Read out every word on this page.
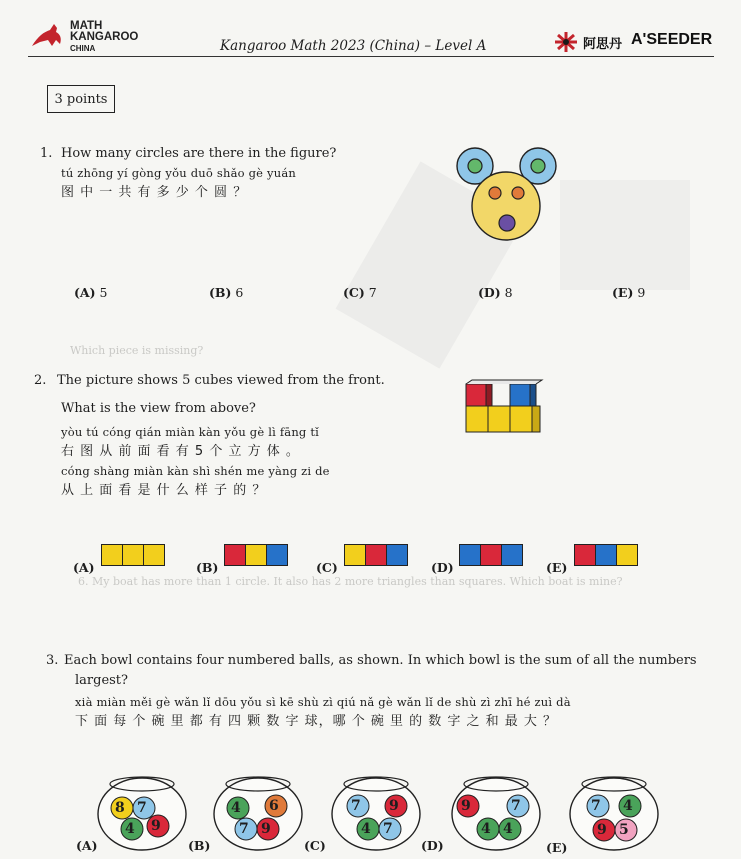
MATH
KANGAROO
CHINA	Kangaroo Math 2023 (China) – Level A	阿思丹 A'SEEDER
Which piece is missing?
6. My boat has more than 1 circle. It also has 2 more triangles than squares. Which boat is mine?
3 points
1. How many circles are there in the figure?
tú zhōng yí gòng yǒu duō shǎo gè yuán
图 中 一 共 有 多 少 个 圆 ？
(A) 5	(B) 6	(C) 7	(D) 8	(E) 9
2. The picture shows 5 cubes viewed from the front.
What is the view from above?
yòu tú cóng qián miàn kàn yǒu gè lì fāng tǐ
右 图 从 前 面 看 有 5 个 立 方 体 。
cóng shàng miàn kàn shì shén me yàng zi de
从 上 面 看 是 什 么 样 子 的 ？
(A)	(B)	(C)	(D)	(E)
3. Each bowl contains four numbered balls, as shown. In which bowl is the sum of all the numbers
largest?
xià miàn měi gè wǎn lǐ dōu yǒu sì kē shù zì qiú nǎ gè wǎn lǐ de shù zì zhī hé zuì dà
下 面 每 个 碗 里 都 有 四 颗 数 字 球，哪 个 碗 里 的 数 字 之 和 最 大 ？
8 7
4 9
(A)
4 6
7 9
(B)
7 9
4 7
(C)
9	7
4 4
(D)
7 4
9 5
(E)
